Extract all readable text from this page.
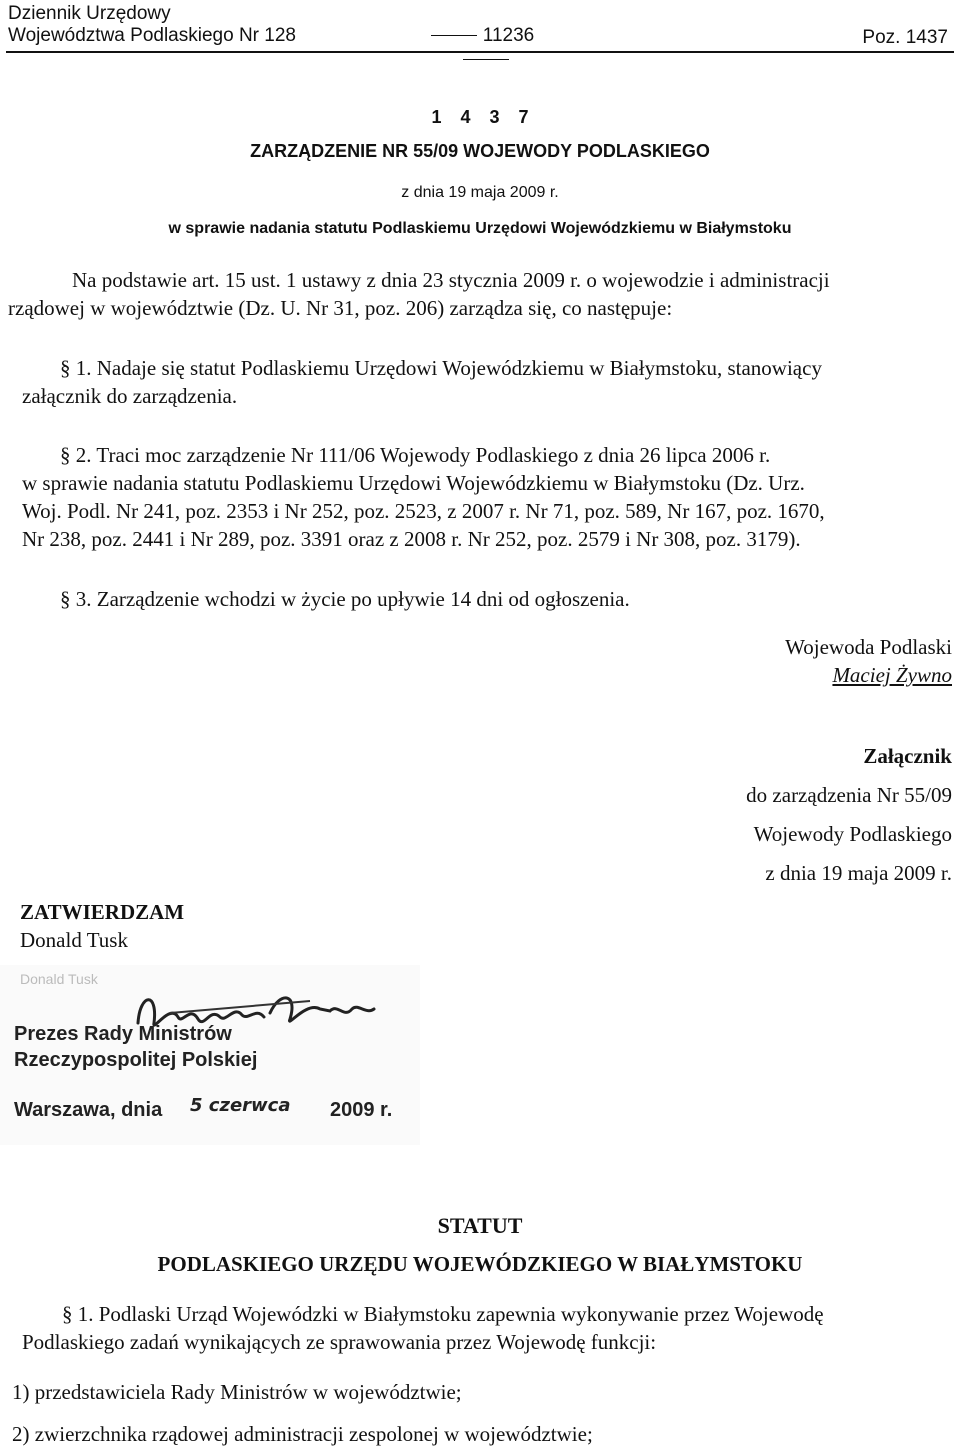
Dziennik Urzędowy
Województwa Podlaskiego Nr 128	11236	Poz. 1437
1 4 3 7
ZARZĄDZENIE NR 55/09 WOJEWODY PODLASKIEGO
z dnia 19 maja 2009 r.
w sprawie nadania statutu Podlaskiemu Urzędowi Wojewódzkiemu w Białymstoku
Na podstawie art. 15 ust. 1 ustawy z dnia 23 stycznia 2009 r. o wojewodzie i administracji
rządowej w województwie (Dz. U. Nr 31, poz. 206) zarządza się, co następuje:
§ 1. Nadaje się statut Podlaskiemu Urzędowi Wojewódzkiemu w Białymstoku, stanowiący
załącznik do zarządzenia.
§ 2. Traci moc zarządzenie Nr 111/06 Wojewody Podlaskiego z dnia 26 lipca 2006 r.
w sprawie nadania statutu Podlaskiemu Urzędowi Wojewódzkiemu w Białymstoku (Dz. Urz.
Woj. Podl. Nr 241, poz. 2353 i Nr 252, poz. 2523, z 2007 r. Nr 71, poz. 589, Nr 167, poz. 1670,
Nr 238, poz. 2441 i Nr 289, poz. 3391 oraz z 2008 r. Nr 252, poz. 2579 i Nr 308, poz. 3179).
§ 3. Zarządzenie wchodzi w życie po upływie 14 dni od ogłoszenia.
Wojewoda Podlaski
Maciej Żywno
Załącznik
do zarządzenia Nr 55/09
Wojewody Podlaskiego
z dnia 19 maja 2009 r.
ZATWIERDZAM
Donald Tusk
Donald Tusk
Prezes Rady Ministrów
Rzeczypospolitej Polskiej
Warszawa, dnia 5 czerwca 2009 r.
STATUT
PODLASKIEGO URZĘDU WOJEWÓDZKIEGO W BIAŁYMSTOKU
§ 1. Podlaski Urząd Wojewódzki w Białymstoku zapewnia wykonywanie przez Wojewodę
Podlaskiego zadań wynikających ze sprawowania przez Wojewodę funkcji:
1) przedstawiciela Rady Ministrów w województwie;
2) zwierzchnika rządowej administracji zespolonej w województwie;
